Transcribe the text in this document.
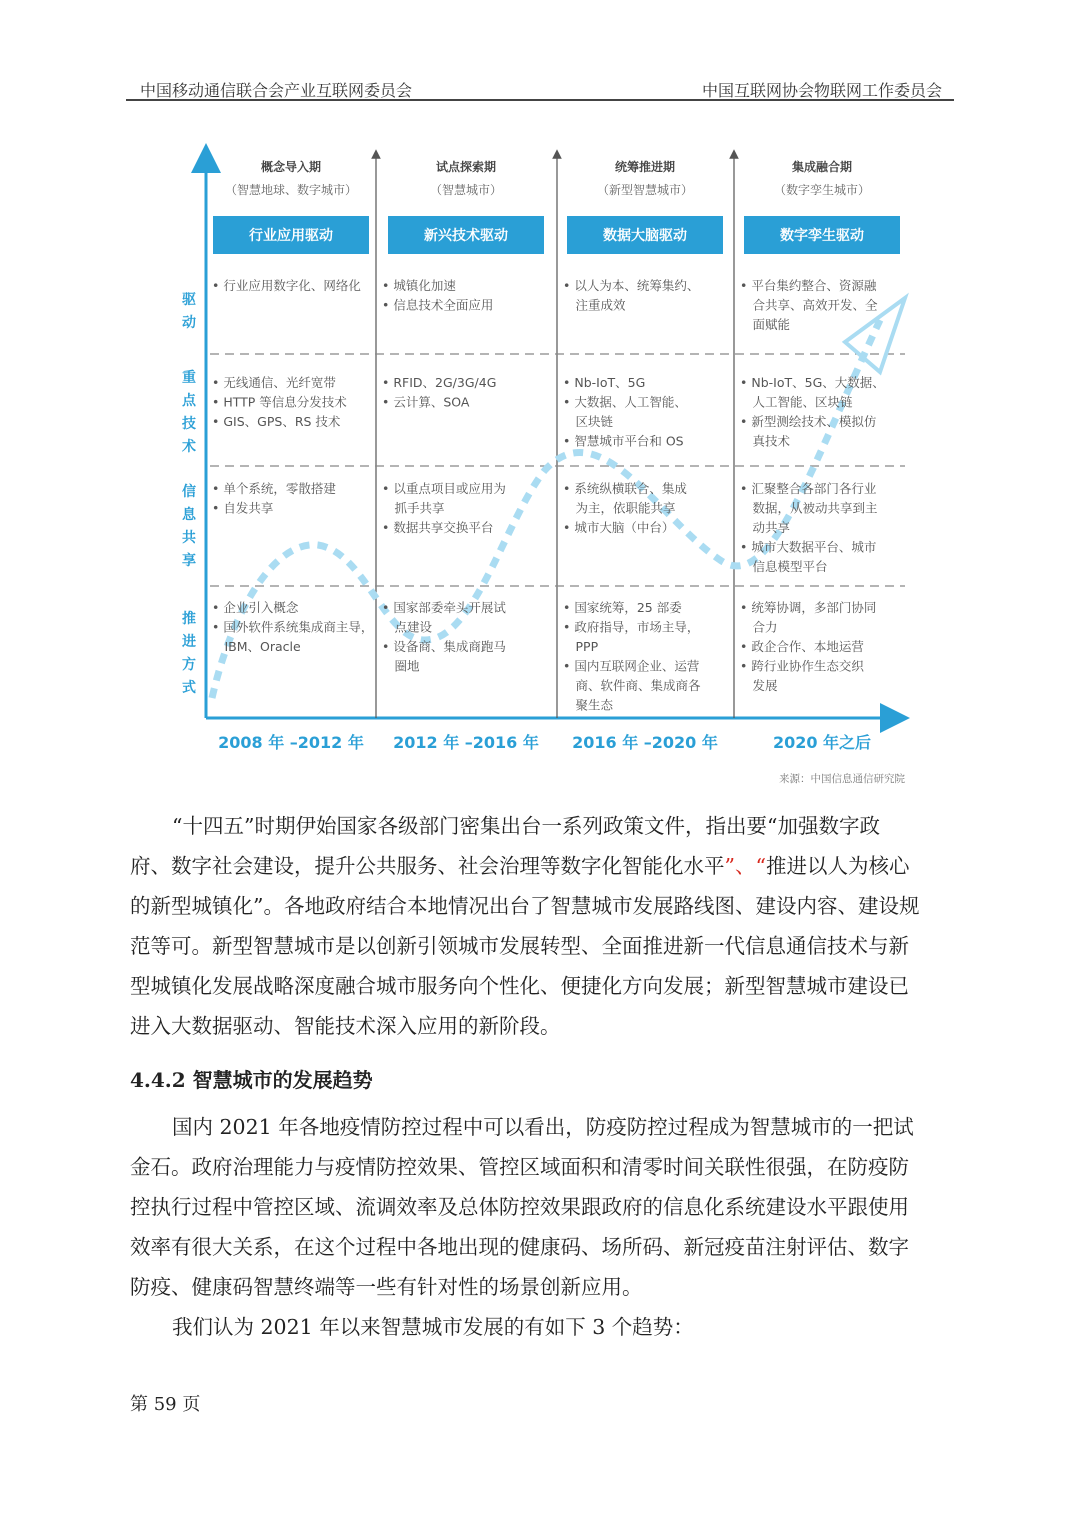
中国移动通信联合会产业互联网委员会	中国互联网协会物联网工作委员会
概念导入期
（智慧地球、数字城市）
行业应用驱动
2008 年 –2012 年
试点探索期
（智慧城市）
新兴技术驱动
2012 年 –2016 年
统筹推进期
（新型智慧城市）
数据大脑驱动
2016 年 –2020 年
集成融合期
（数字孪生城市）
数字孪生驱动
2020 年之后
驱
动
重
点
技
术
信
息
共
享
推
进
方
式
• 行业应用数字化、网络化 • 城镇化加速
• 信息技术全面应用
• 以人为本、统筹集约、
 注重成效
• 平台集约整合、资源融
 合共享、高效开发、全
 面赋能
• 无线通信、光纤宽带
• HTTP 等信息分发技术
• GIS、GPS、RS 技术
• RFID、2G/3G/4G
• 云计算、SOA
• Nb-IoT、5G
• 大数据、人工智能、
 区块链
• 智慧城市平台和 OS
• Nb-IoT、5G、大数据、
 人工智能、区块链
• 新型测绘技术、模拟仿
 真技术
• 单个系统，零散搭建
• 自发共享
• 以重点项目或应用为
 抓手共享
• 数据共享交换平台
• 系统纵横联合、集成
 为主，依职能共享
• 城市大脑（中台）
• 汇聚整合各部门各行业
 数据，从被动共享到主
 动共享
• 城市大数据平台、城市
 信息模型平台
• 企业引入概念
• 国外软件系统集成商主导，
 IBM、Oracle
• 国家部委牵头开展试
 点建设
• 设备商、集成商跑马
 圈地
• 国家统筹，25 部委
• 政府指导，市场主导，
 PPP
• 国内互联网企业、运营
 商、软件商、集成商各
 聚生态
• 统筹协调，多部门协同
 合力
• 政企合作、本地运营
• 跨行业协作生态交织
 发展
来源：中国信息通信研究院
“十四五”时期伊始国家各级部门密集出台一系列政策文件，指出要“加强数字政
府、数字社会建设，提升公共服务、社会治理等数字化智能化水平”、“推进以人为核心
的新型城镇化”。各地政府结合本地情况出台了智慧城市发展路线图、建设内容、建设规
范等可。新型智慧城市是以创新引领城市发展转型、全面推进新一代信息通信技术与新
型城镇化发展战略深度融合城市服务向个性化、便捷化方向发展；新型智慧城市建设已
进入大数据驱动、智能技术深入应用的新阶段。
4.4.2 智慧城市的发展趋势
国内 2021 年各地疫情防控过程中可以看出，防疫防控过程成为智慧城市的一把试
金石。政府治理能力与疫情防控效果、管控区域面积和清零时间关联性很强，在防疫防
控执行过程中管控区域、流调效率及总体防控效果跟政府的信息化系统建设水平跟使用
效率有很大关系，在这个过程中各地出现的健康码、场所码、新冠疫苗注射评估、数字
防疫、健康码智慧终端等一些有针对性的场景创新应用。
我们认为 2021 年以来智慧城市发展的有如下 3 个趋势：
第 59 页
